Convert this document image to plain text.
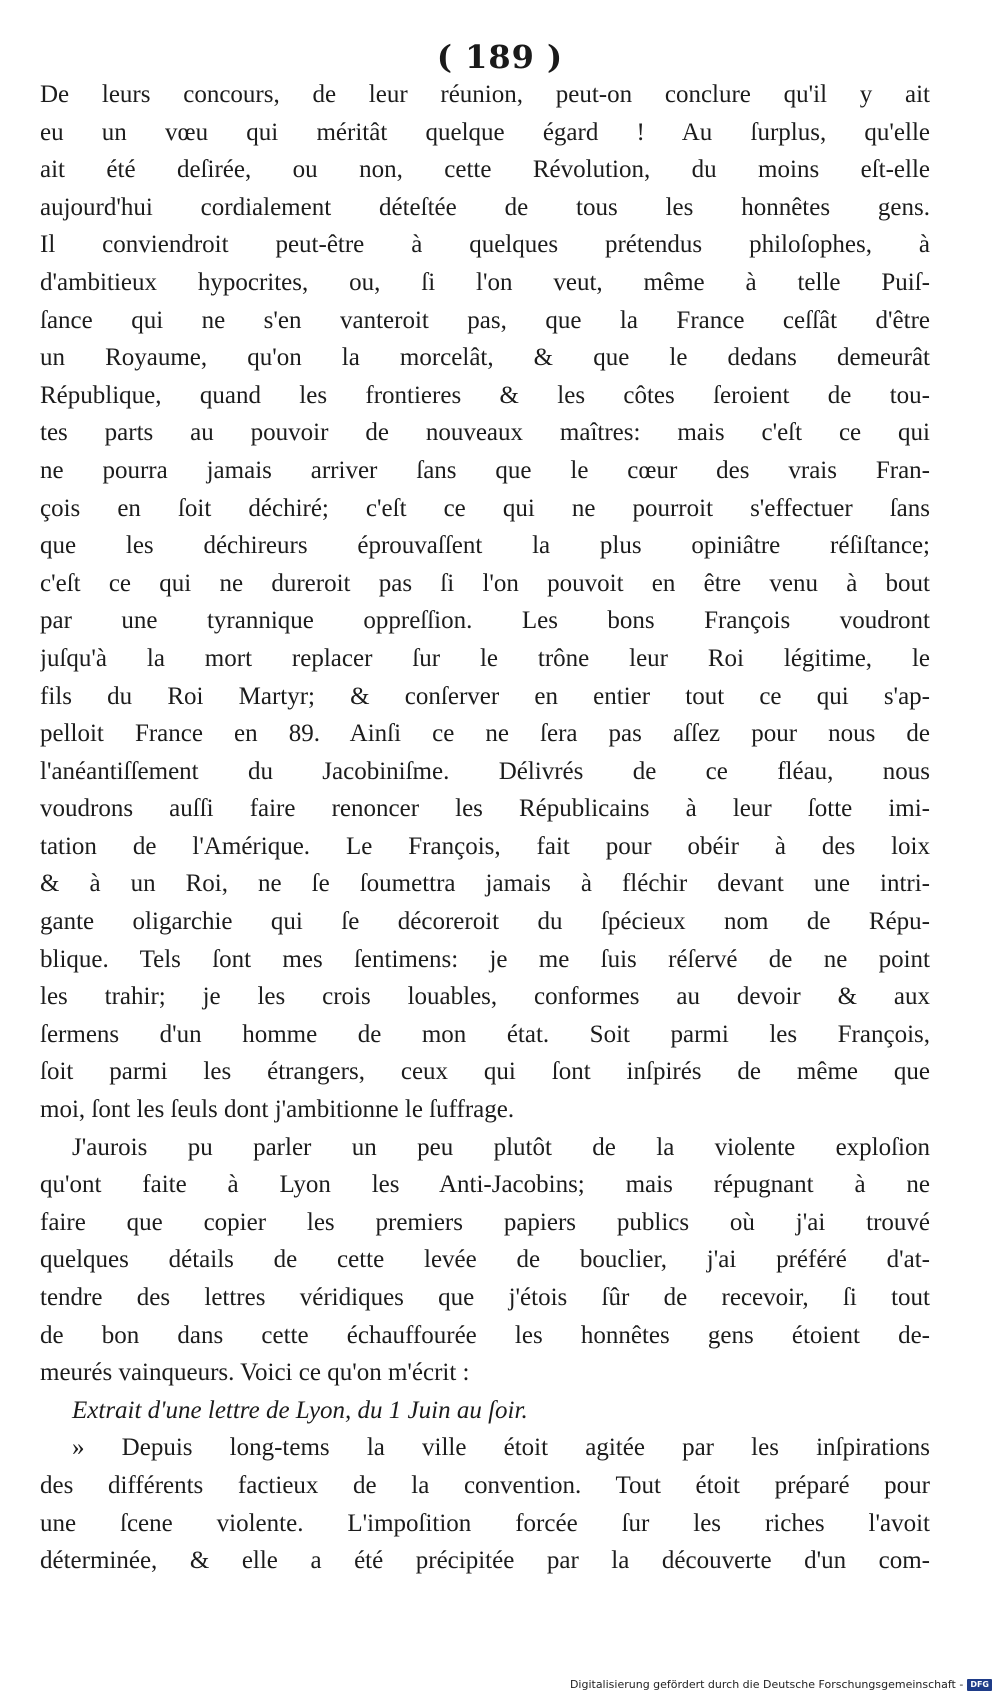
( 189 )
De leurs concours, de leur réunion, peut-on conclure qu'il y ait
eu un vœu qui méritât quelque égard ! Au ſurplus, qu'elle
ait été deſirée, ou non, cette Révolution, du moins eſt-elle
aujourd'hui cordialement déteſtée de tous les honnêtes gens.
Il conviendroit peut-être à quelques prétendus philoſophes, à
d'ambitieux hypocrites, ou, ſi l'on veut, même à telle Puiſ-
ſance qui ne s'en vanteroit pas, que la France ceſſât d'être
un Royaume, qu'on la morcelât, & que le dedans demeurât
République, quand les frontieres & les côtes ſeroient de tou-
tes parts au pouvoir de nouveaux maîtres: mais c'eſt ce qui
ne pourra jamais arriver ſans que le cœur des vrais Fran-
çois en ſoit déchiré; c'eſt ce qui ne pourroit s'effectuer ſans
que les déchireurs éprouvaſſent la plus opiniâtre réſiſtance;
c'eſt ce qui ne dureroit pas ſi l'on pouvoit en être venu à bout
par une tyrannique oppreſſion. Les bons François voudront
juſqu'à la mort replacer ſur le trône leur Roi légitime, le
fils du Roi Martyr; & conſerver en entier tout ce qui s'ap-
pelloit France en 89. Ainſi ce ne ſera pas aſſez pour nous de
l'anéantiſſement du Jacobiniſme. Délivrés de ce fléau, nous
voudrons auſſi faire renoncer les Républicains à leur ſotte imi-
tation de l'Amérique. Le François, fait pour obéir à des loix
& à un Roi, ne ſe ſoumettra jamais à fléchir devant une intri-
gante oligarchie qui ſe décoreroit du ſpécieux nom de Répu-
blique. Tels ſont mes ſentimens: je me ſuis réſervé de ne point
les trahir; je les crois louables, conformes au devoir & aux
ſermens d'un homme de mon état. Soit parmi les François,
ſoit parmi les étrangers, ceux qui ſont inſpirés de même que
moi, ſont les ſeuls dont j'ambitionne le ſuffrage.
J'aurois pu parler un peu plutôt de la violente exploſion
qu'ont faite à Lyon les Anti-Jacobins; mais répugnant à ne
faire que copier les premiers papiers publics où j'ai trouvé
quelques détails de cette levée de bouclier, j'ai préféré d'at-
tendre des lettres véridiques que j'étois ſûr de recevoir, ſi tout
de bon dans cette échauffourée les honnêtes gens étoient de-
meurés vainqueurs. Voici ce qu'on m'écrit :
Extrait d'une lettre de Lyon, du 1 Juin au ſoir.
» Depuis long-tems la ville étoit agitée par les inſpirations
des différents factieux de la convention. Tout étoit préparé pour
une ſcene violente. L'impoſition forcée ſur les riches l'avoit
déterminée, & elle a été précipitée par la découverte d'un com-
Digitalisierung gefördert durch die Deutsche Forschungsgemeinschaft - DFG
